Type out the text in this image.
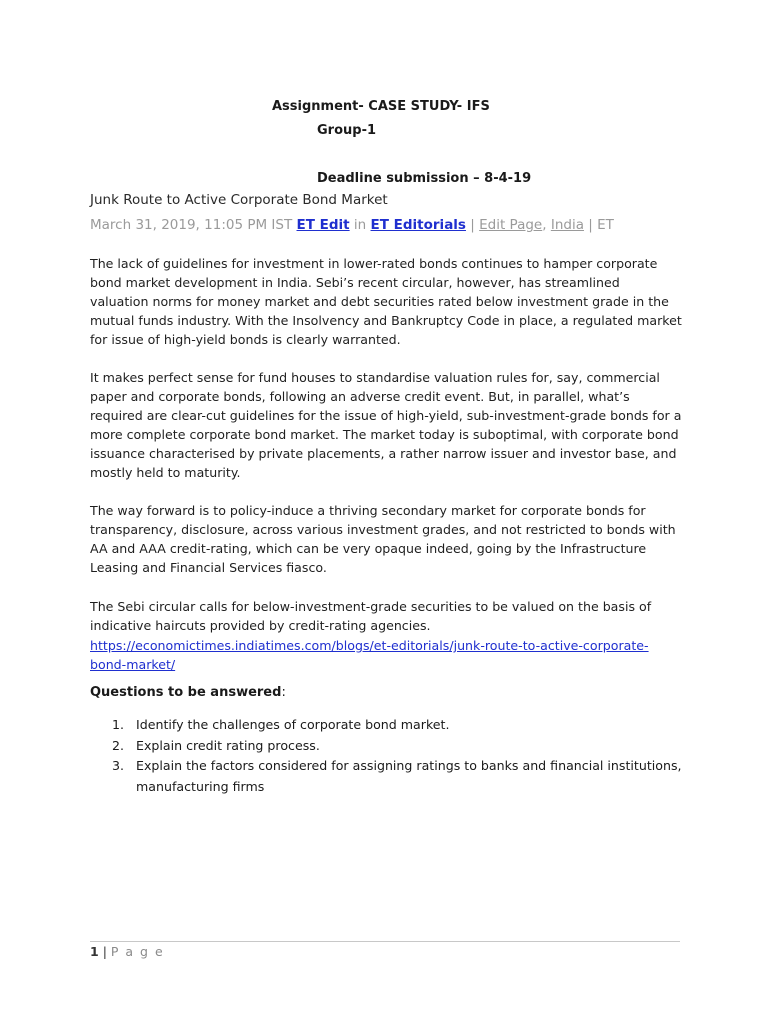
Assignment- CASE STUDY- IFS
Group-1
Deadline submission – 8-4-19
Junk Route to Active Corporate Bond Market
March 31, 2019, 11:05 PM IST ET Edit in ET Editorials | Edit Page, India | ET

The lack of guidelines for investment in lower-rated bonds continues to hamper corporate bond market development in India. Sebi’s recent circular, however, has streamlined valuation norms for money market and debt securities rated below investment grade in the mutual funds industry. With the Insolvency and Bankruptcy Code in place, a regulated market for issue of high-yield bonds is clearly warranted.

It makes perfect sense for fund houses to standardise valuation rules for, say, commercial paper and corporate bonds, following an adverse credit event. But, in parallel, what’s required are clear-cut guidelines for the issue of high-yield, sub-investment-grade bonds for a more complete corporate bond market. The market today is suboptimal, with corporate bond issuance characterised by private placements, a rather narrow issuer and investor base, and mostly held to maturity.

The way forward is to policy-induce a thriving secondary market for corporate bonds for transparency, disclosure, across various investment grades, and not restricted to bonds with AA and AAA credit-rating, which can be very opaque indeed, going by the Infrastructure Leasing and Financial Services fiasco.

The Sebi circular calls for below-investment-grade securities to be valued on the basis of indicative haircuts provided by credit-rating agencies.

https://economictimes.indiatimes.com/blogs/et-editorials/junk-route-to-active-corporate-bond-market/
Questions to be answered:
1. Identify the challenges of corporate bond market.
2. Explain credit rating process.
3. Explain the factors considered for assigning ratings to banks and financial institutions, manufacturing firms
1 | P a g e
